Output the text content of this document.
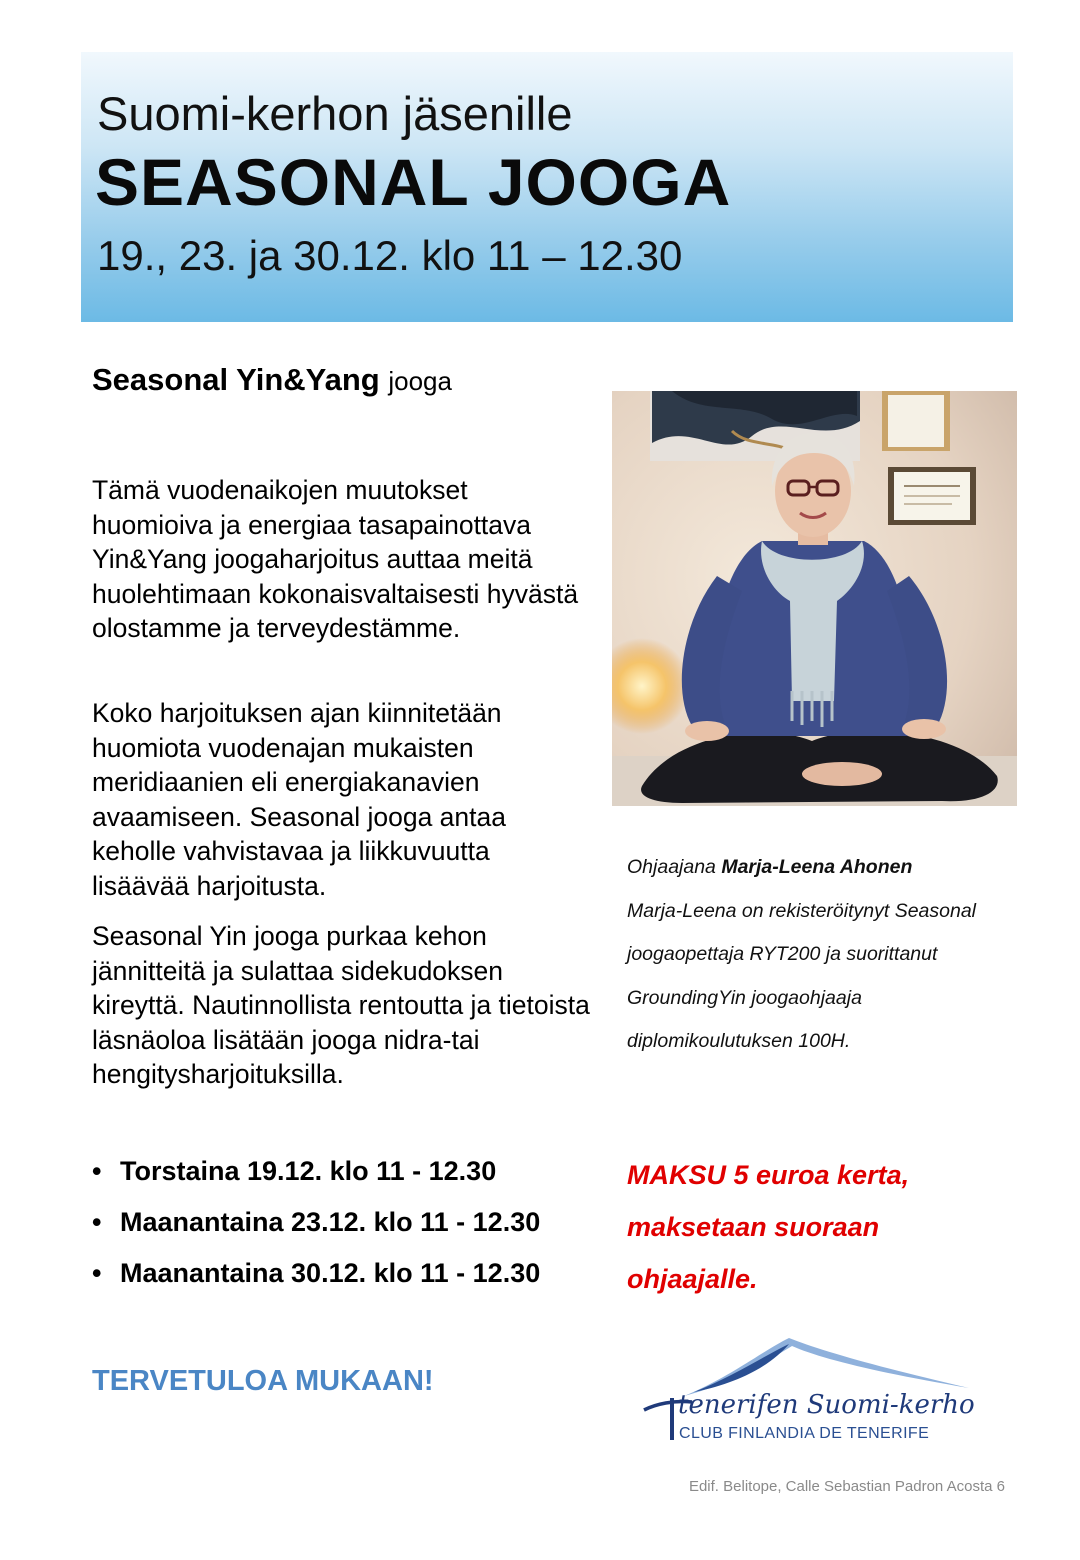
Suomi-kerhon jäsenille
SEASONAL JOOGA
19., 23. ja 30.12. klo 11 – 12.30
Seasonal Yin&Yang jooga

Tämä vuodenaikojen muutokset huomioiva ja energiaa tasapainottava Yin&Yang joogaharjoitus auttaa meitä huolehtimaan kokonaisvaltaisesti hyvästä olostamme ja terveydestämme.

Koko harjoituksen ajan kiinnitetään huomiota vuodenajan mukaisten meridiaanien eli energiakanavien avaamiseen. Seasonal jooga antaa keholle vahvistavaa ja liikkuvuutta lisäävää harjoitusta.

Seasonal Yin jooga purkaa kehon jännitteitä ja sulattaa sidekudoksen kireyttä. Nautinnollista rentoutta ja tietoista läsnäoloa lisätään jooga nidra-tai hengitysharjoituksilla.

Ohjaajana Marja-Leena Ahonen
Marja-Leena on rekisteröitynyt Seasonal joogaopettaja RYT200 ja suorittanut GroundingYin joogaohjaaja diplomikoulutuksen 100H.
• Torstaina 19.12. klo 11 - 12.30
• Maanantaina 23.12. klo 11 - 12.30
• Maanantaina 30.12. klo 11 - 12.30
MAKSU 5 euroa kerta, maksetaan suoraan ohjaajalle.
TERVETULOA MUKAAN!
tenerifen Suomi-kerho
CLUB FINLANDIA DE TENERIFE
Edif. Belitope, Calle Sebastian Padron Acosta 6
